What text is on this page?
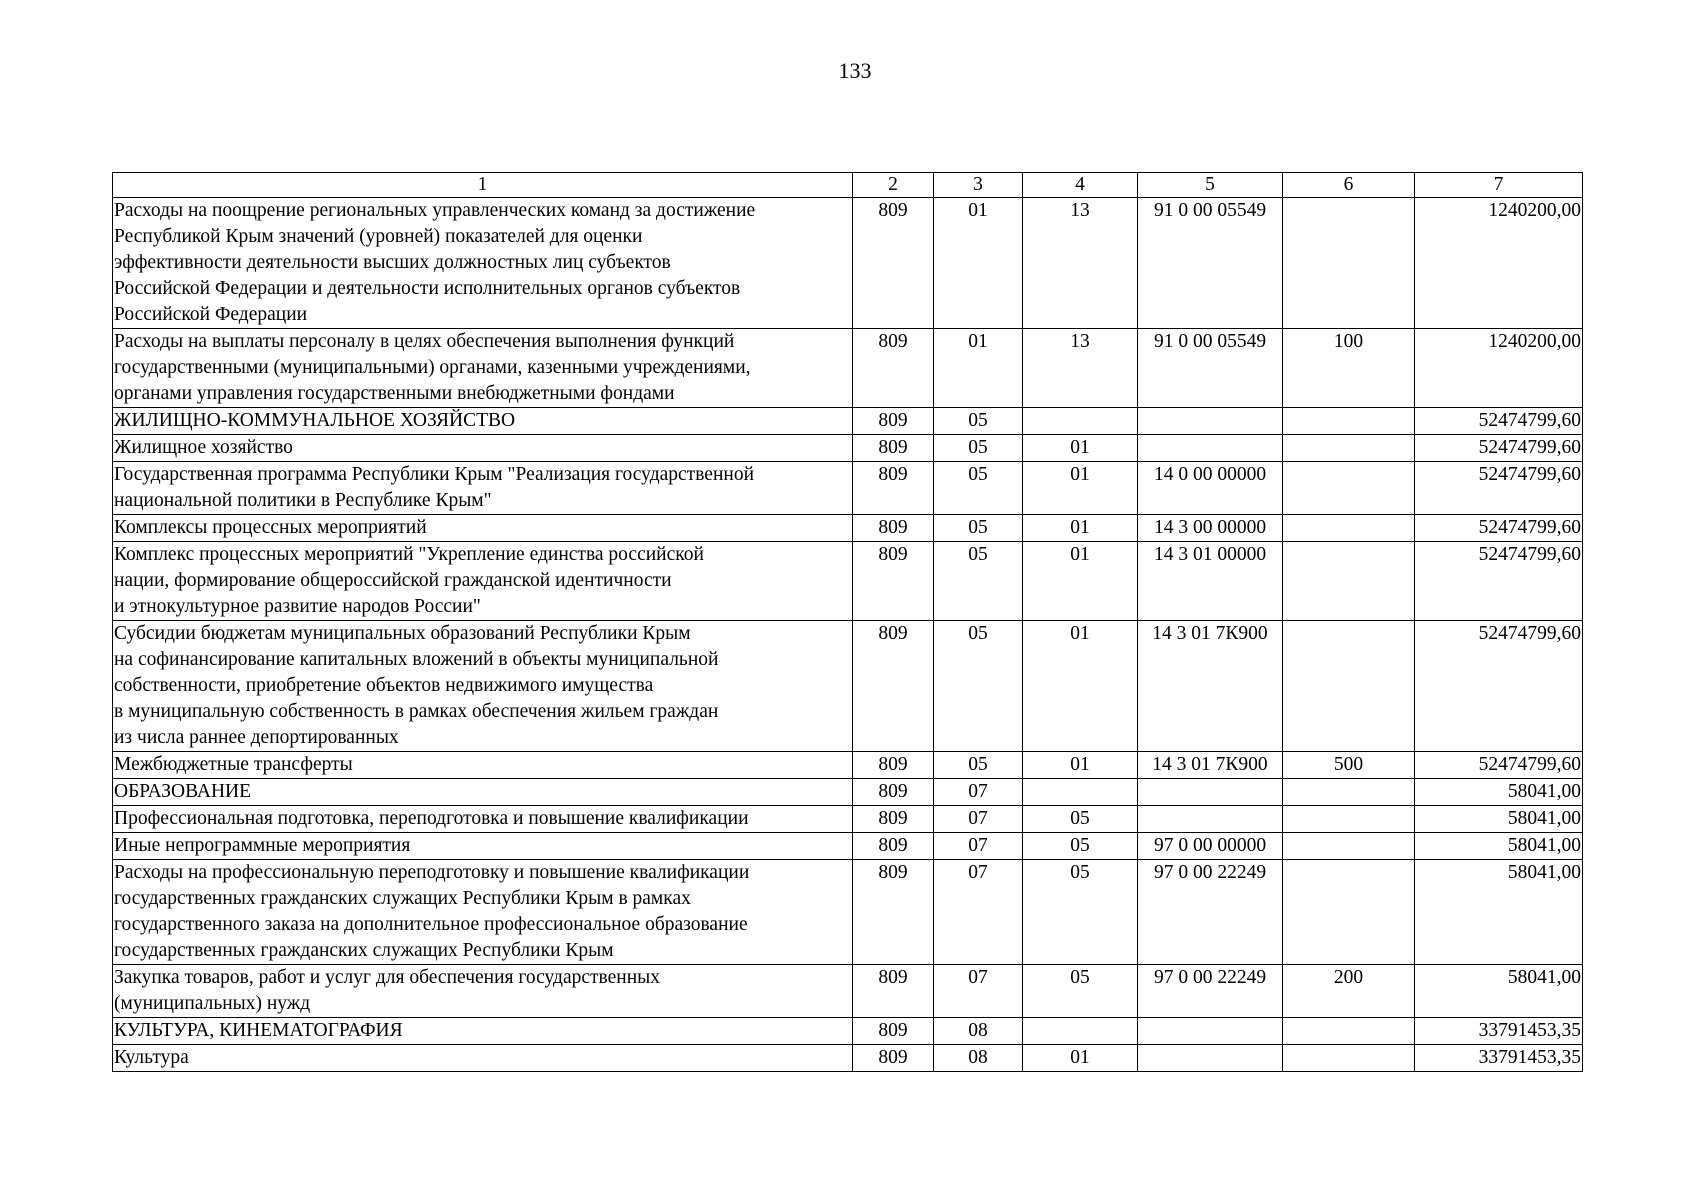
133
1	2	3	4	5	6	7

Расходы на поощрение региональных управленческих команд за достижение
Республикой Крым значений (уровней) показателей для оценки
эффективности деятельности высших должностных лиц субъектов
Российской Федерации и деятельности исполнительных органов субъектов
Российской Федерации	809	01	13	91 0 00 05549		1240200,00

Расходы на выплаты персоналу в целях обеспечения выполнения функций
государственными (муниципальными) органами, казенными учреждениями,
органами управления государственными внебюджетными фондами	809	01	13	91 0 00 05549	100	1240200,00

ЖИЛИЩНО-КОММУНАЛЬНОЕ ХОЗЯЙСТВО	809	05				52474799,60

Жилищное хозяйство	809	05	01			52474799,60

Государственная программа Республики Крым "Реализация государственной
национальной политики в Республике Крым"	809	05	01	14 0 00 00000		52474799,60

Комплексы процессных мероприятий	809	05	01	14 3 00 00000		52474799,60

Комплекс процессных мероприятий "Укрепление единства российской
нации, формирование общероссийской гражданской идентичности
и этнокультурное развитие народов России"	809	05	01	14 3 01 00000		52474799,60

Субсидии бюджетам муниципальных образований Республики Крым
на софинансирование капитальных вложений в объекты муниципальной
собственности, приобретение объектов недвижимого имущества
в муниципальную собственность в рамках обеспечения жильем граждан
из числа раннее депортированных	809	05	01	14 3 01 7К900		52474799,60

Межбюджетные трансферты	809	05	01	14 3 01 7К900	500	52474799,60

ОБРАЗОВАНИЕ	809	07				58041,00

Профессиональная подготовка, переподготовка и повышение квалификации	809	07	05			58041,00

Иные непрограммные мероприятия	809	07	05	97 0 00 00000		58041,00

Расходы на профессиональную переподготовку и повышение квалификации
государственных гражданских служащих Республики Крым в рамках
государственного заказа на дополнительное профессиональное образование
государственных гражданских служащих Республики Крым	809	07	05	97 0 00 22249		58041,00

Закупка товаров, работ и услуг для обеспечения государственных
(муниципальных) нужд	809	07	05	97 0 00 22249	200	58041,00

КУЛЬТУРА, КИНЕМАТОГРАФИЯ	809	08				33791453,35

Культура	809	08	01			33791453,35
